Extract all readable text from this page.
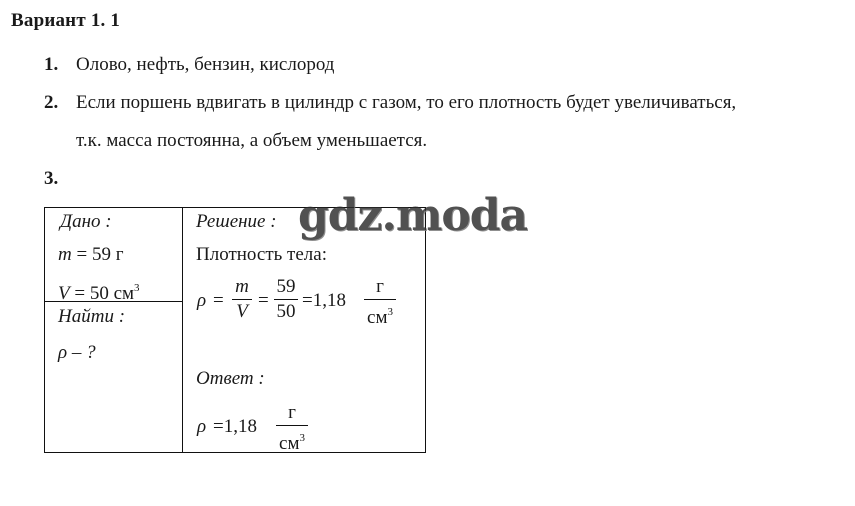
Вариант 1. 1
1. Олово, нефть, бензин, кислород
2. Если поршень вдвигать в цилиндр с газом, то его плотность будет увеличиваться,
т.к. масса постоянна, а объем уменьшается.
3.
Дано :
m = 59 г
V = 50 $см^3$
Найти :
ρ – ?
Решение :
Плотность тела:
ρ =
m
V
=
59
50
=1,18
г
$см^3$
Ответ :
ρ =1,18
г
$см^3$
gdz.moda
